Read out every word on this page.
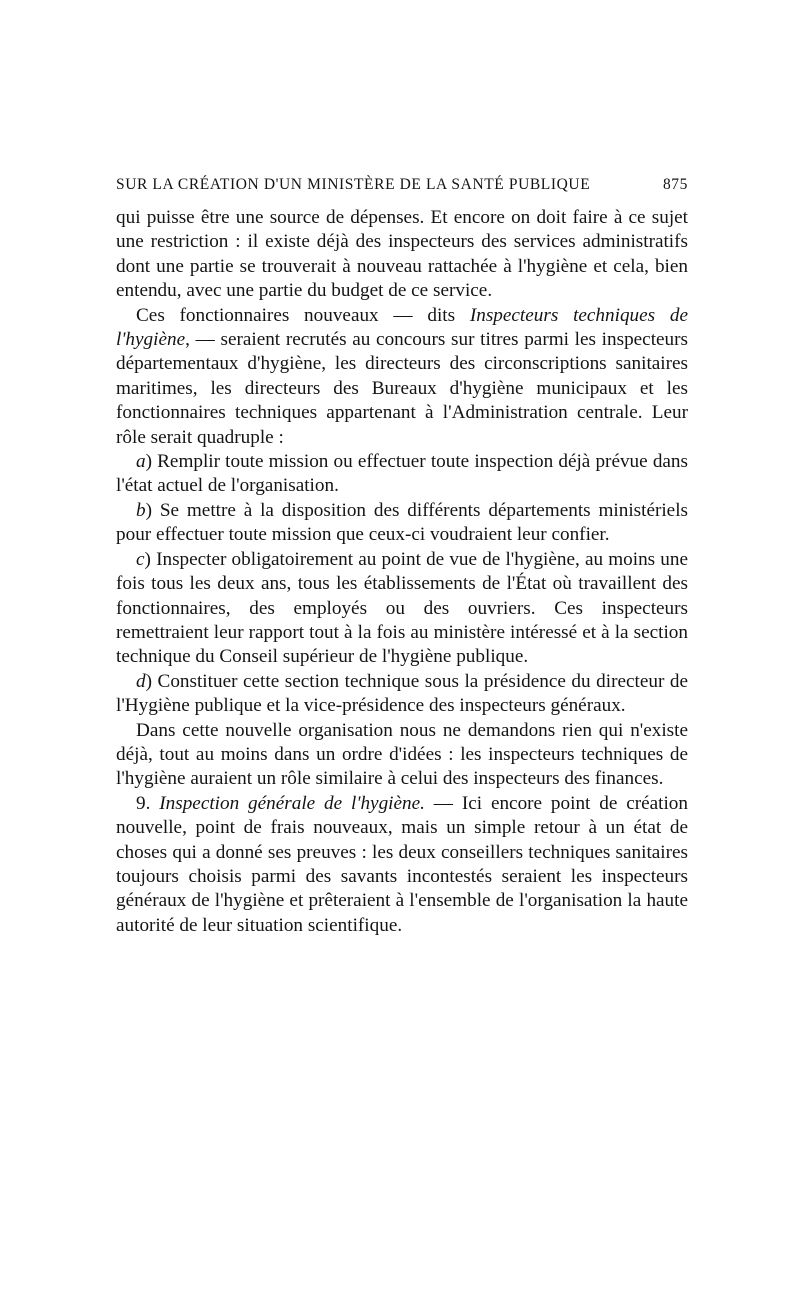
SUR LA CRÉATION D'UN MINISTÈRE DE LA SANTÉ PUBLIQUE	875

qui puisse être une source de dépenses. Et encore on doit faire à ce sujet une restriction : il existe déjà des inspecteurs des services administratifs dont une partie se trouverait à nouveau rattachée à l'hygiène et cela, bien entendu, avec une partie du budget de ce service.

Ces fonctionnaires nouveaux — dits Inspecteurs techniques de l'hygiène, — seraient recrutés au concours sur titres parmi les inspecteurs départementaux d'hygiène, les directeurs des circonscriptions sanitaires maritimes, les directeurs des Bureaux d'hygiène municipaux et les fonctionnaires techniques appartenant à l'Administration centrale. Leur rôle serait quadruple :

a) Remplir toute mission ou effectuer toute inspection déjà prévue dans l'état actuel de l'organisation.

b) Se mettre à la disposition des différents départements ministériels pour effectuer toute mission que ceux-ci voudraient leur confier.

c) Inspecter obligatoirement au point de vue de l'hygiène, au moins une fois tous les deux ans, tous les établissements de l'État où travaillent des fonctionnaires, des employés ou des ouvriers. Ces inspecteurs remettraient leur rapport tout à la fois au ministère intéressé et à la section technique du Conseil supérieur de l'hygiène publique.

d) Constituer cette section technique sous la présidence du directeur de l'Hygiène publique et la vice-présidence des inspecteurs généraux.

Dans cette nouvelle organisation nous ne demandons rien qui n'existe déjà, tout au moins dans un ordre d'idées : les inspecteurs techniques de l'hygiène auraient un rôle similaire à celui des inspecteurs des finances.

9. Inspection générale de l'hygiène. — Ici encore point de création nouvelle, point de frais nouveaux, mais un simple retour à un état de choses qui a donné ses preuves : les deux conseillers techniques sanitaires toujours choisis parmi des savants incontestés seraient les inspecteurs généraux de l'hygiène et prêteraient à l'ensemble de l'organisation la haute autorité de leur situation scientifique.
